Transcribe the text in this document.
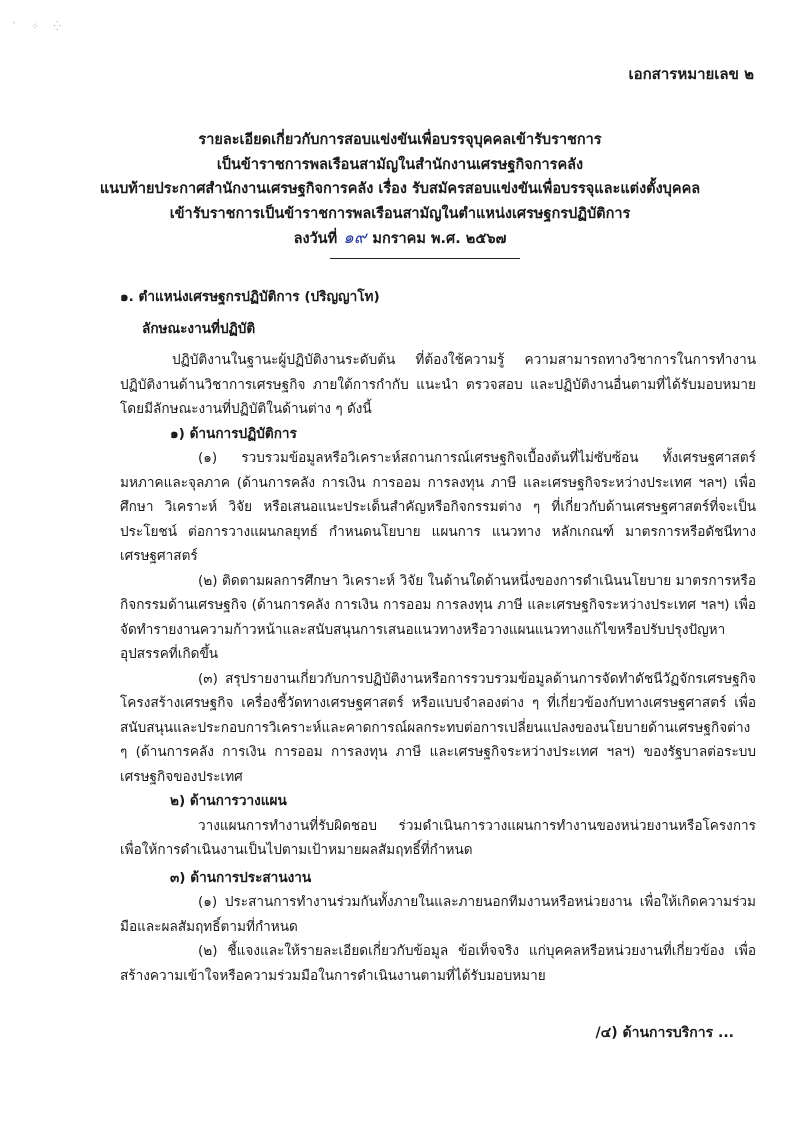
` ⁘ ⁛
เอกสารหมายเลข ๒
รายละเอียดเกี่ยวกับการสอบแข่งขันเพื่อบรรจุบุคคลเข้ารับราชการ
เป็นข้าราชการพลเรือนสามัญในสำนักงานเศรษฐกิจการคลัง
แนบท้ายประกาศสำนักงานเศรษฐกิจการคลัง เรื่อง รับสมัครสอบแข่งขันเพื่อบรรจุและแต่งตั้งบุคคล
เข้ารับราชการเป็นข้าราชการพลเรือนสามัญในตำแหน่งเศรษฐกรปฏิบัติการ
ลงวันที่ ๑๙ มกราคม พ.ศ. ๒๕๖๗

๑. ตำแหน่งเศรษฐกรปฏิบัติการ (ปริญญาโท)

ลักษณะงานที่ปฏิบัติ

ปฏิบัติงานในฐานะผู้ปฏิบัติงานระดับต้น ที่ต้องใช้ความรู้ ความสามารถทางวิชาการในการทำงาน ปฏิบัติงานด้านวิชาการเศรษฐกิจ ภายใต้การกำกับ แนะนำ ตรวจสอบ และปฏิบัติงานอื่นตามที่ได้รับมอบหมาย โดยมีลักษณะงานที่ปฏิบัติในด้านต่าง ๆ ดังนี้

๑) ด้านการปฏิบัติการ

(๑) รวบรวมข้อมูลหรือวิเคราะห์สถานการณ์เศรษฐกิจเบื้องต้นที่ไม่ซับซ้อน ทั้งเศรษฐศาสตร์มหภาคและจุลภาค (ด้านการคลัง การเงิน การออม การลงทุน ภาษี และเศรษฐกิจระหว่างประเทศ ฯลฯ) เพื่อศึกษา วิเคราะห์ วิจัย หรือเสนอแนะประเด็นสำคัญหรือกิจกรรมต่าง ๆ ที่เกี่ยวกับด้านเศรษฐศาสตร์ที่จะเป็นประโยชน์ ต่อการวางแผนกลยุทธ์ กำหนดนโยบาย แผนการ แนวทาง หลักเกณฑ์ มาตรการหรือดัชนีทางเศรษฐศาสตร์

(๒) ติดตามผลการศึกษา วิเคราะห์ วิจัย ในด้านใดด้านหนึ่งของการดำเนินนโยบาย มาตรการหรือกิจกรรมด้านเศรษฐกิจ (ด้านการคลัง การเงิน การออม การลงทุน ภาษี และเศรษฐกิจระหว่างประเทศ ฯลฯ) เพื่อจัดทำรายงานความก้าวหน้าและสนับสนุนการเสนอแนวทางหรือวางแผนแนวทางแก้ไขหรือปรับปรุงปัญหาอุปสรรคที่เกิดขึ้น

(๓) สรุปรายงานเกี่ยวกับการปฏิบัติงานหรือการรวบรวมข้อมูลด้านการจัดทำดัชนีวัฏจักรเศรษฐกิจ โครงสร้างเศรษฐกิจ เครื่องชี้วัดทางเศรษฐศาสตร์ หรือแบบจำลองต่าง ๆ ที่เกี่ยวข้องกับทางเศรษฐศาสตร์ เพื่อสนับสนุนและประกอบการวิเคราะห์และคาดการณ์ผลกระทบต่อการเปลี่ยนแปลงของนโยบายด้านเศรษฐกิจต่าง ๆ (ด้านการคลัง การเงิน การออม การลงทุน ภาษี และเศรษฐกิจระหว่างประเทศ ฯลฯ) ของรัฐบาลต่อระบบเศรษฐกิจของประเทศ

๒) ด้านการวางแผน

วางแผนการทำงานที่รับผิดชอบ ร่วมดำเนินการวางแผนการทำงานของหน่วยงานหรือโครงการ เพื่อให้การดำเนินงานเป็นไปตามเป้าหมายผลสัมฤทธิ์ที่กำหนด

๓) ด้านการประสานงาน

(๑) ประสานการทำงานร่วมกันทั้งภายในและภายนอกทีมงานหรือหน่วยงาน เพื่อให้เกิดความร่วมมือและผลสัมฤทธิ์ตามที่กำหนด

(๒) ชี้แจงและให้รายละเอียดเกี่ยวกับข้อมูล ข้อเท็จจริง แก่บุคคลหรือหน่วยงานที่เกี่ยวข้อง เพื่อสร้างความเข้าใจหรือความร่วมมือในการดำเนินงานตามที่ได้รับมอบหมาย

/๔) ด้านการบริการ ...
